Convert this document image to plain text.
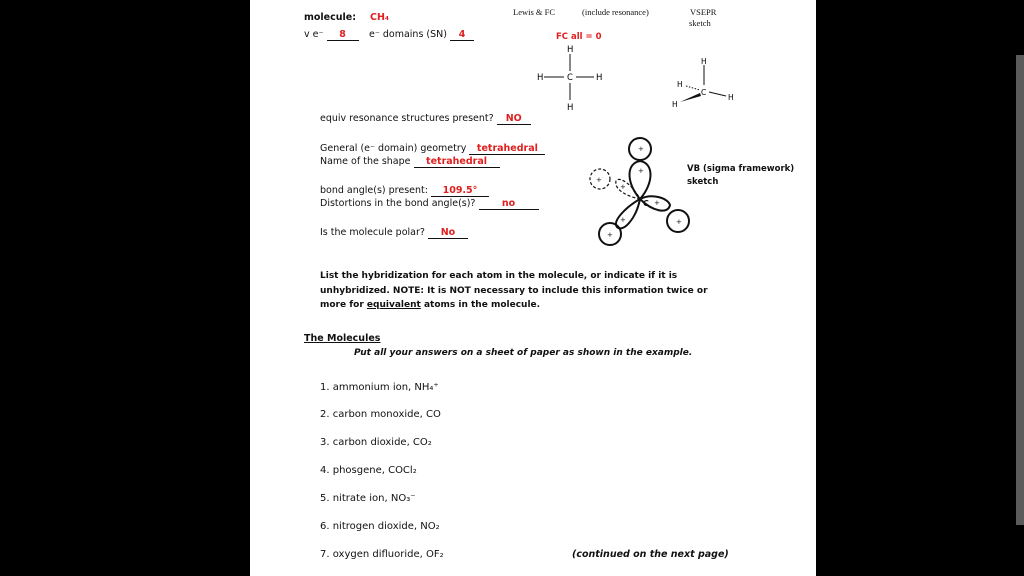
molecule: CH₄
v e⁻ 8	e⁻ domains (SN) 4
Lewis & FC	(include resonance)	VSEPR
sketch
FC all = 0
H
H	C	H
H
H
H
C
H
H
equiv resonance structures present? NO
General (e⁻ domain) geometry tetrahedral
Name of the shape tetrahedral
bond angle(s) present: 109.5°
Distortions in the bond angle(s)?	no
Is the molecule polar? No
VB (sigma framework)
sketch
+
+
+
+
+
+
+
+
C
List the hybridization for each atom in the molecule, or indicate if it is
unhybridized. NOTE: It is NOT necessary to include this information twice or
more for equivalent atoms in the molecule.
The Molecules
Put all your answers on a sheet of paper as shown in the example.
1. ammonium ion, NH₄⁺
2. carbon monoxide, CO
3. carbon dioxide, CO₂
4. phosgene, COCl₂
5. nitrate ion, NO₃⁻
6. nitrogen dioxide, NO₂
7. oxygen difluoride, OF₂	(continued on the next page)
